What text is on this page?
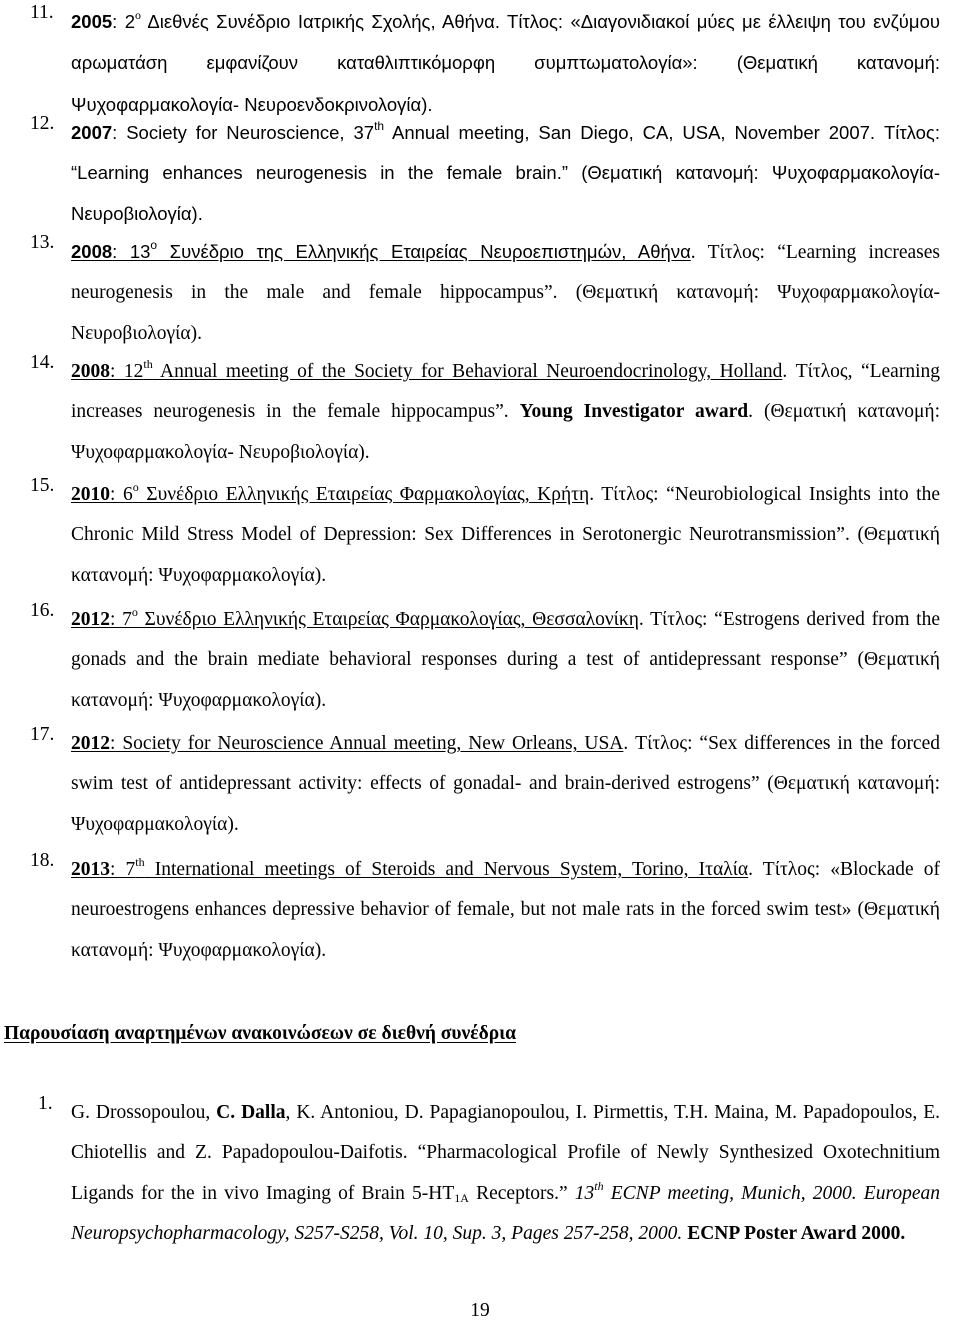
11. 2005: $2^o$ Διεθνές Συνέδριο Ιατρικής Σχολής, Αθήνα. Τίτλος: «Διαγονιδιακοί μύες με έλλειψη του ενζύμου αρωματάση εμφανίζουν καταθλιπτικόμορφη συμπτωματολογία»: (Θεματική κατανομή: Ψυχοφαρμακολογία- Νευροενδοκρινολογία).
12. 2007: Society for Neuroscience, 37th Annual meeting, San Diego, CA, USA, November 2007. Τίτλος: “Learning enhances neurogenesis in the female brain.” (Θεματική κατανομή: Ψυχοφαρμακολογία- Νευροβιολογία).
13. 2008: $13^o$ Συνέδριο της Ελληνικής Εταιρείας Νευροεπιστημών, Αθήνα. Τίτλος: “Learning increases neurogenesis in the male and female hippocampus”. (Θεματική κατανομή: Ψυχοφαρμακολογία- Νευροβιολογία).
14. 2008: 12th Annual meeting of the Society for Behavioral Neuroendocrinology, Holland. Τίτλος, “Learning increases neurogenesis in the female hippocampus”. Young Investigator award. (Θεματική κατανομή: Ψυχοφαρμακολογία- Νευροβιολογία).
15. 2010: $6^o$ Συνέδριο Ελληνικής Εταιρείας Φαρμακολογίας, Κρήτη. Τίτλος: “Neurobiological Insights into the Chronic Mild Stress Model of Depression: Sex Differences in Serotonergic Neurotransmission”. (Θεματική κατανομή: Ψυχοφαρμακολογία).
16. 2012: $7^o$ Συνέδριο Ελληνικής Εταιρείας Φαρμακολογίας, Θεσσαλονίκη. Τίτλος: “Estrogens derived from the gonads and the brain mediate behavioral responses during a test of antidepressant response” (Θεματική κατανομή: Ψυχοφαρμακολογία).
17. 2012: Society for Neuroscience Annual meeting, New Orleans, USA. Τίτλος: “Sex differences in the forced swim test of antidepressant activity: effects of gonadal- and brain-derived estrogens” (Θεματική κατανομή: Ψυχοφαρμακολογία).
18. 2013: 7th International meetings of Steroids and Nervous System, Torino, Ιταλία. Τίτλος: «Blockade of neuroestrogens enhances depressive behavior of female, but not male rats in the forced swim test» (Θεματική κατανομή: Ψυχοφαρμακολογία).
Παρουσίαση αναρτημένων ανακοινώσεων σε διεθνή συνέδρια
1. G. Drossopoulou, C. Dalla, K. Antoniou, D. Papagianopoulou, I. Pirmettis, T.H. Maina, M. Papadopoulos, E. Chiotellis and Z. Papadopoulou-Daifotis. “Pharmacological Profile of Newly Synthesized Oxotechnitium Ligands for the in vivo Imaging of Brain $5-HT_{1A}$ Receptors.” 13th ECNP meeting, Munich, 2000. European Neuropsychopharmacology, S257-S258, Vol. 10, Sup. 3, Pages 257-258, 2000. ECNP Poster Award 2000.
19
